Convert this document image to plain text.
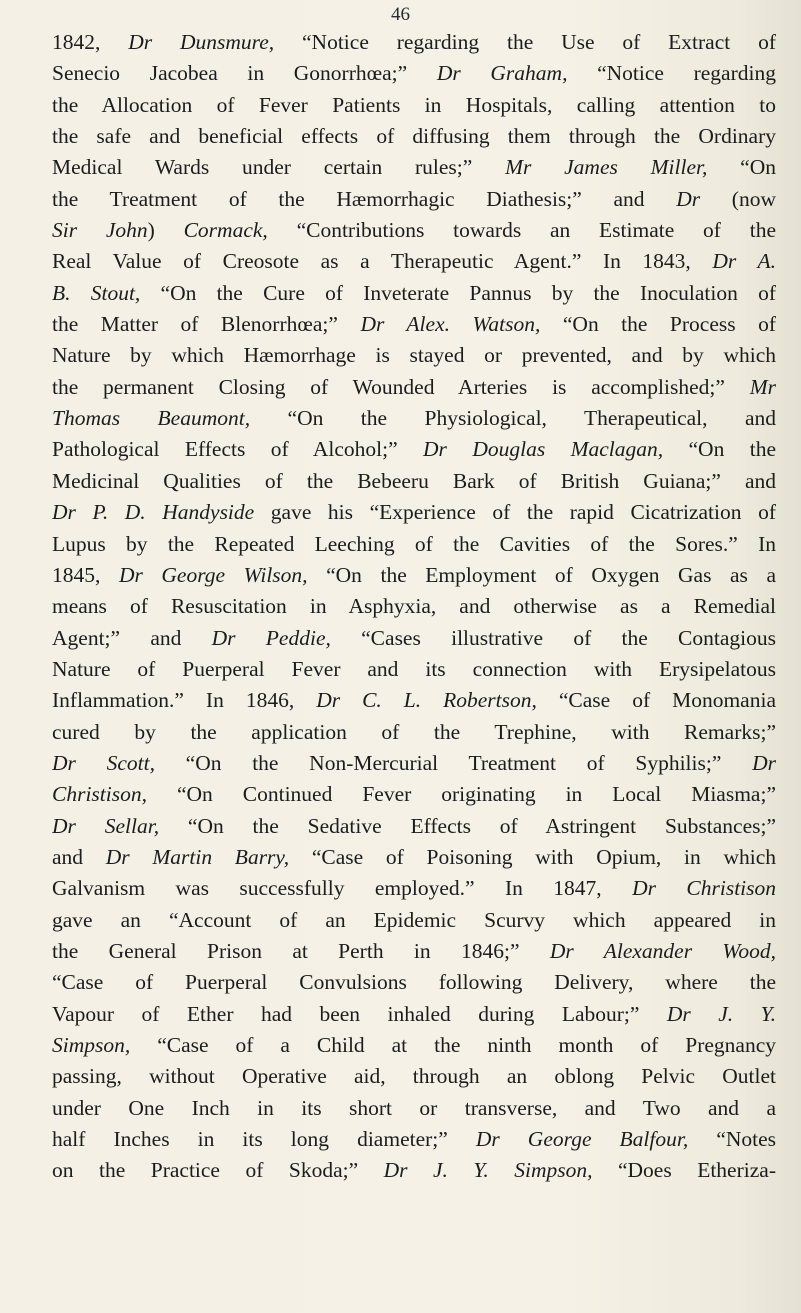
46
1842, Dr Dunsmure, “Notice regarding the Use of Extract of
Senecio Jacobea in Gonorrhœa;” Dr Graham, “Notice regarding
the Allocation of Fever Patients in Hospitals, calling attention to
the safe and beneficial effects of diffusing them through the Ordinary
Medical Wards under certain rules;” Mr James Miller, “On
the Treatment of the Hæmorrhagic Diathesis;” and Dr (now
Sir John) Cormack, “Contributions towards an Estimate of the
Real Value of Creosote as a Therapeutic Agent.” In 1843, Dr A.
B. Stout, “On the Cure of Inveterate Pannus by the Inoculation of
the Matter of Blenorrhœa;” Dr Alex. Watson, “On the Process of
Nature by which Hæmorrhage is stayed or prevented, and by which
the permanent Closing of Wounded Arteries is accomplished;” Mr
Thomas Beaumont, “On the Physiological, Therapeutical, and
Pathological Effects of Alcohol;” Dr Douglas Maclagan, “On the
Medicinal Qualities of the Bebeeru Bark of British Guiana;” and
Dr P. D. Handyside gave his “Experience of the rapid Cicatrization of
Lupus by the Repeated Leeching of the Cavities of the Sores.” In
1845, Dr George Wilson, “On the Employment of Oxygen Gas as a
means of Resuscitation in Asphyxia, and otherwise as a Remedial
Agent;” and Dr Peddie, “Cases illustrative of the Contagious
Nature of Puerperal Fever and its connection with Erysipelatous
Inflammation.” In 1846, Dr C. L. Robertson, “Case of Monomania
cured by the application of the Trephine, with Remarks;”
Dr Scott, “On the Non-Mercurial Treatment of Syphilis;” Dr
Christison, “On Continued Fever originating in Local Miasma;”
Dr Sellar, “On the Sedative Effects of Astringent Substances;”
and Dr Martin Barry, “Case of Poisoning with Opium, in which
Galvanism was successfully employed.” In 1847, Dr Christison
gave an “Account of an Epidemic Scurvy which appeared in
the General Prison at Perth in 1846;” Dr Alexander Wood,
“Case of Puerperal Convulsions following Delivery, where the
Vapour of Ether had been inhaled during Labour;” Dr J. Y.
Simpson, “Case of a Child at the ninth month of Pregnancy
passing, without Operative aid, through an oblong Pelvic Outlet
under One Inch in its short or transverse, and Two and a
half Inches in its long diameter;” Dr George Balfour, “Notes
on the Practice of Skoda;” Dr J. Y. Simpson, “Does Etheriza-
